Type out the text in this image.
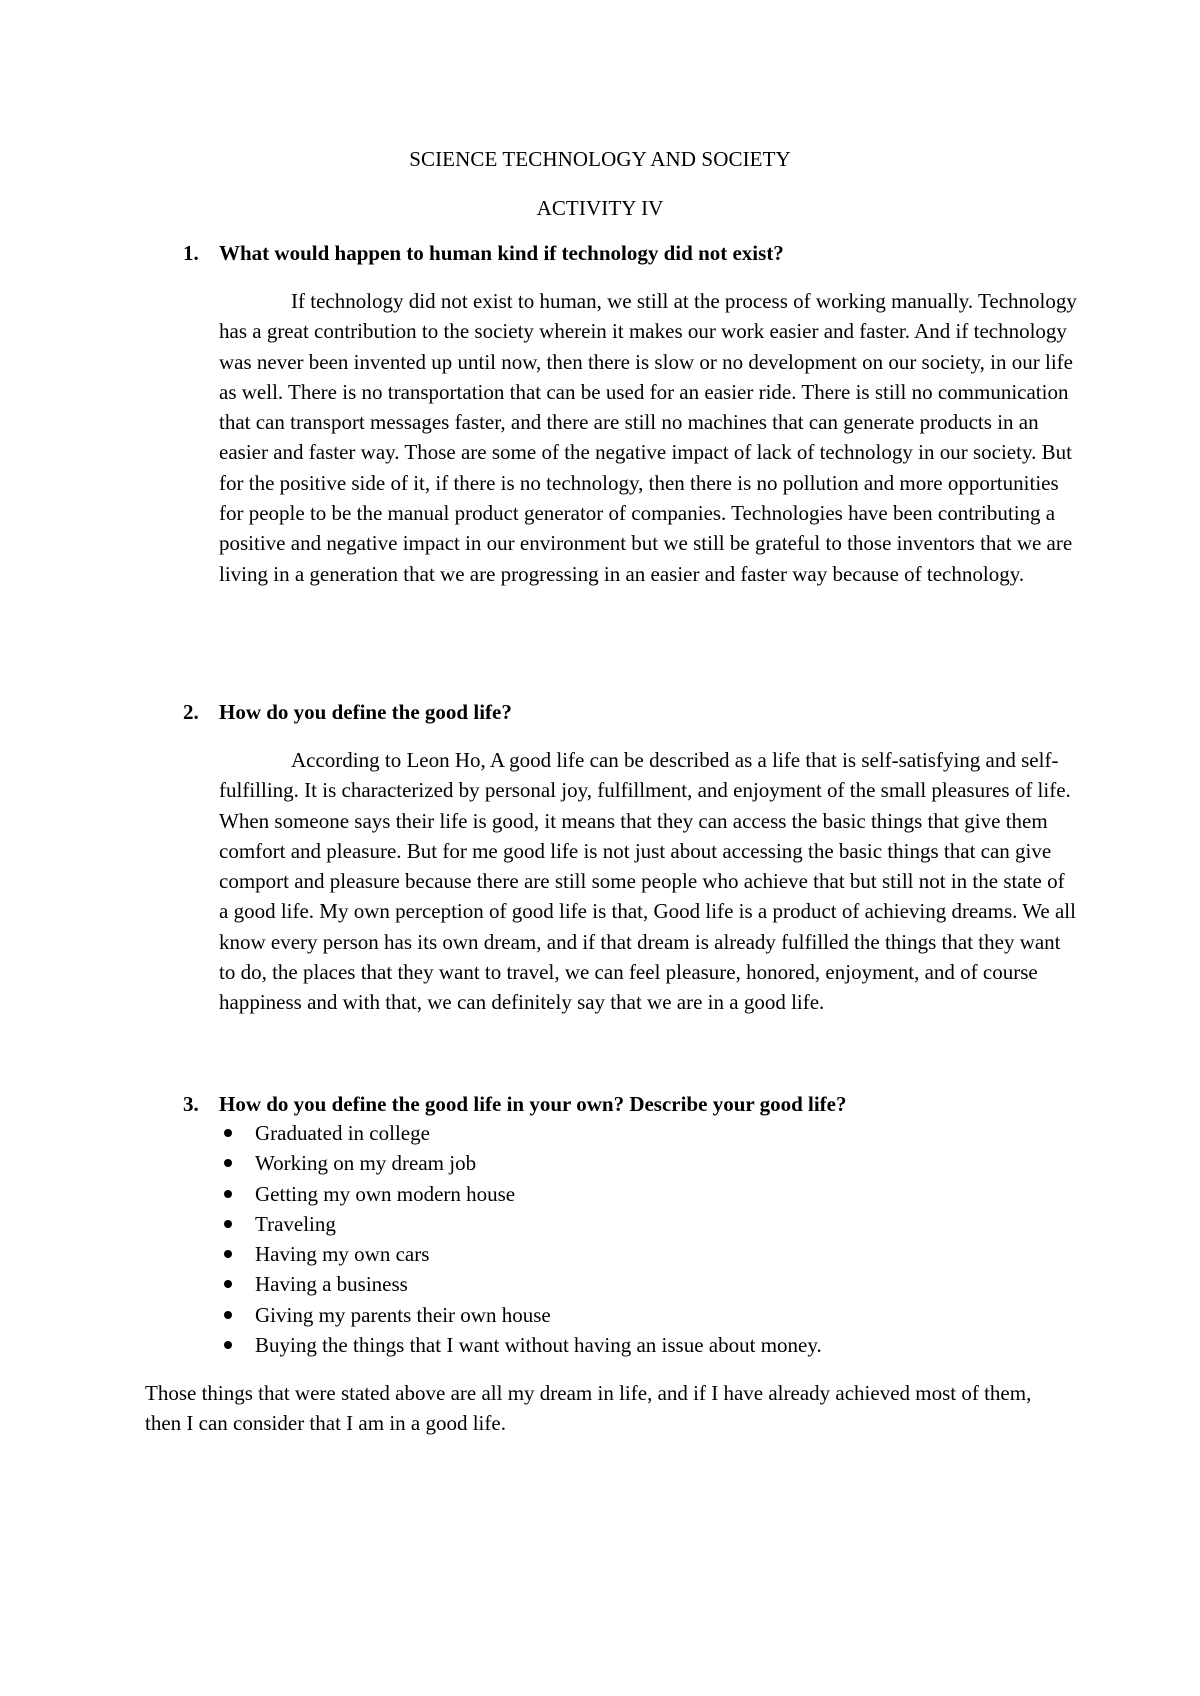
SCIENCE TECHNOLOGY AND SOCIETY
ACTIVITY IV
1. What would happen to human kind if technology did not exist?

If technology did not exist to human, we still at the process of working manually. Technology has a great contribution to the society wherein it makes our work easier and faster. And if technology was never been invented up until now, then there is slow or no development on our society, in our life as well. There is no transportation that can be used for an easier ride. There is still no communication that can transport messages faster, and there are still no machines that can generate products in an easier and faster way. Those are some of the negative impact of lack of technology in our society. But for the positive side of it, if there is no technology, then there is no pollution and more opportunities for people to be the manual product generator of companies. Technologies have been contributing a positive and negative impact in our environment but we still be grateful to those inventors that we are living in a generation that we are progressing in an easier and faster way because of technology.

2. How do you define the good life?

According to Leon Ho, A good life can be described as a life that is self-satisfying and self-fulfilling. It is characterized by personal joy, fulfillment, and enjoyment of the small pleasures of life. When someone says their life is good, it means that they can access the basic things that give them comfort and pleasure. But for me good life is not just about accessing the basic things that can give comport and pleasure because there are still some people who achieve that but still not in the state of a good life. My own perception of good life is that, Good life is a product of achieving dreams. We all know every person has its own dream, and if that dream is already fulfilled the things that they want to do, the places that they want to travel, we can feel pleasure, honored, enjoyment, and of course happiness and with that, we can definitely say that we are in a good life.

3. How do you define the good life in your own? Describe your good life?
Graduated in college
Working on my dream job
Getting my own modern house
Traveling
Having my own cars
Having a business
Giving my parents their own house
Buying the things that I want without having an issue about money.

Those things that were stated above are all my dream in life, and if I have already achieved most of them, then I can consider that I am in a good life.
